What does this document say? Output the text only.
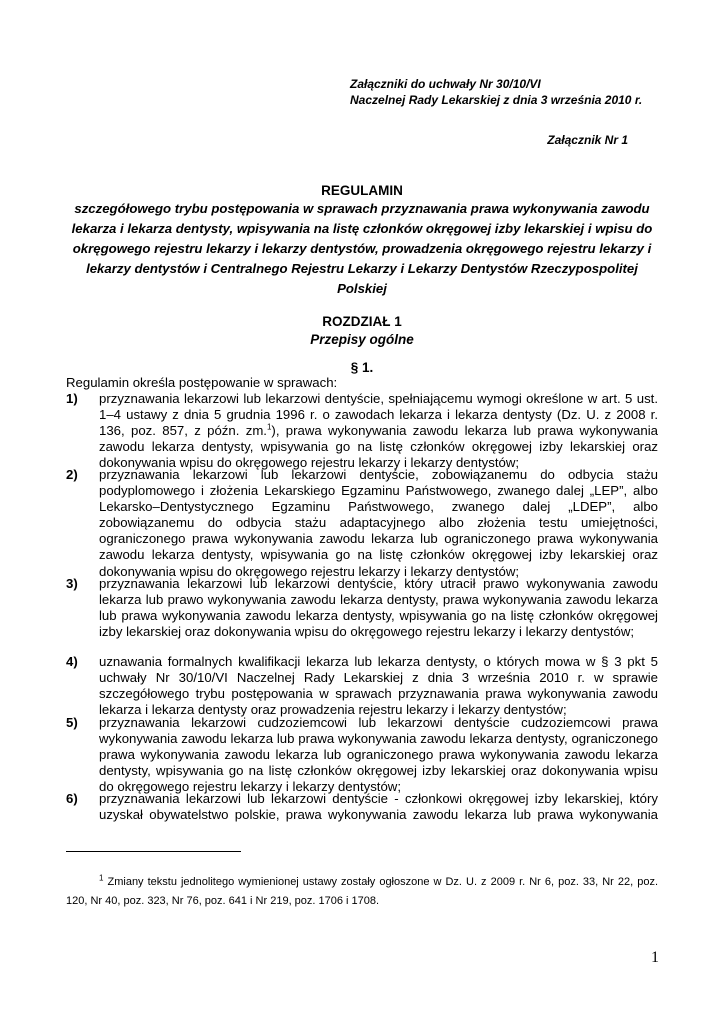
Załączniki do uchwały Nr 30/10/VI
Naczelnej Rady Lekarskiej z dnia 3 września 2010 r.
Załącznik Nr 1
REGULAMIN
szczegółowego trybu postępowania w sprawach przyznawania prawa wykonywania zawodu lekarza i lekarza dentysty, wpisywania na listę członków okręgowej izby lekarskiej i wpisu do okręgowego rejestru lekarzy i lekarzy dentystów, prowadzenia okręgowego rejestru lekarzy i lekarzy dentystów i Centralnego Rejestru Lekarzy i Lekarzy Dentystów Rzeczypospolitej Polskiej
ROZDZIAŁ 1
Przepisy ogólne
§ 1.
Regulamin określa postępowanie w sprawach:
1) przyznawania lekarzowi lub lekarzowi dentyście, spełniającemu wymogi określone w art. 5 ust. 1–4 ustawy z dnia 5 grudnia 1996 r. o zawodach lekarza i lekarza dentysty (Dz. U. z 2008 r. 136, poz. 857, z późn. zm.$^1$), prawa wykonywania zawodu lekarza lub prawa wykonywania zawodu lekarza dentysty, wpisywania go na listę członków okręgowej izby lekarskiej oraz dokonywania wpisu do okręgowego rejestru lekarzy i lekarzy dentystów;
2) przyznawania lekarzowi lub lekarzowi dentyście, zobowiązanemu do odbycia stażu podyplomowego i złożenia Lekarskiego Egzaminu Państwowego, zwanego dalej „LEP”, albo Lekarsko–Dentystycznego Egzaminu Państwowego, zwanego dalej „LDEP”, albo zobowiązanemu do odbycia stażu adaptacyjnego albo złożenia testu umiejętności, ograniczonego prawa wykonywania zawodu lekarza lub ograniczonego prawa wykonywania zawodu lekarza dentysty, wpisywania go na listę członków okręgowej izby lekarskiej oraz dokonywania wpisu do okręgowego rejestru lekarzy i lekarzy dentystów;
3) przyznawania lekarzowi lub lekarzowi dentyście, który utracił prawo wykonywania zawodu lekarza lub prawo wykonywania zawodu lekarza dentysty, prawa wykonywania zawodu lekarza lub prawa wykonywania zawodu lekarza dentysty, wpisywania go na listę członków okręgowej izby lekarskiej oraz dokonywania wpisu do okręgowego rejestru lekarzy i lekarzy dentystów;
4) uznawania formalnych kwalifikacji lekarza lub lekarza dentysty, o których mowa w § 3 pkt 5 uchwały Nr 30/10/VI Naczelnej Rady Lekarskiej z dnia 3 września 2010 r. w sprawie szczegółowego trybu postępowania w sprawach przyznawania prawa wykonywania zawodu lekarza i lekarza dentysty oraz prowadzenia rejestru lekarzy i lekarzy dentystów;
5) przyznawania lekarzowi cudzoziemcowi lub lekarzowi dentyście cudzoziemcowi prawa wykonywania zawodu lekarza lub prawa wykonywania zawodu lekarza dentysty, ograniczonego prawa wykonywania zawodu lekarza lub ograniczonego prawa wykonywania zawodu lekarza dentysty, wpisywania go na listę członków okręgowej izby lekarskiej oraz dokonywania wpisu do okręgowego rejestru lekarzy i lekarzy dentystów;
6) przyznawania lekarzowi lub lekarzowi dentyście - członkowi okręgowej izby lekarskiej, który uzyskał obywatelstwo polskie, prawa wykonywania zawodu lekarza lub prawa wykonywania
$^1$ Zmiany tekstu jednolitego wymienionej ustawy zostały ogłoszone w Dz. U. z 2009 r. Nr 6, poz. 33, Nr 22, poz. 120, Nr 40, poz. 323, Nr 76, poz. 641 i Nr 219, poz. 1706 i 1708.
1
